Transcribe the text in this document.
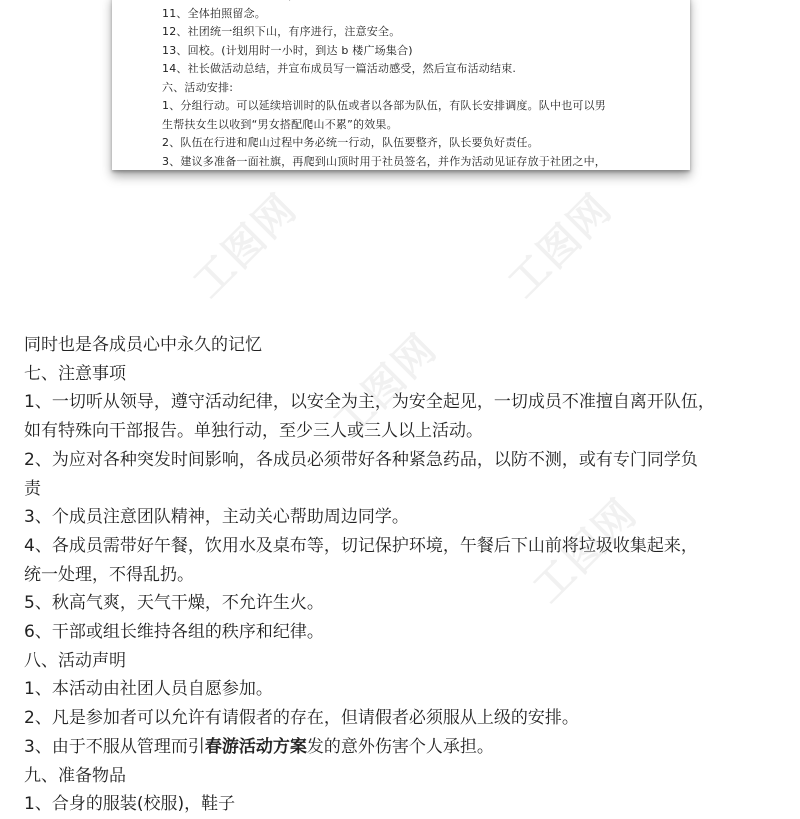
11、全体拍照留念。
12、社团统一组织下山，有序进行，注意安全。
13、回校。(计划用时一小时，到达 b 楼广场集合)
14、社长做活动总结，并宣布成员写一篇活动感受，然后宣布活动结束.
六、活动安排:
1、分组行动。可以延续培训时的队伍或者以各部为队伍，有队长安排调度。队中也可以男
生帮扶女生以收到“男女搭配爬山不累”的效果。
2、队伍在行进和爬山过程中务必统一行动，队伍要整齐，队长要负好责任。
3、建议多准备一面社旗，再爬到山顶时用于社员签名，并作为活动见证存放于社团之中，
工图网	工图网
工图网
工图网
同时也是各成员心中永久的记忆
七、注意事项
1、一切听从领导，遵守活动纪律，以安全为主，为安全起见，一切成员不准擅自离开队伍，
如有特殊向干部报告。单独行动，至少三人或三人以上活动。
2、为应对各种突发时间影响，各成员必须带好各种紧急药品，以防不测，或有专门同学负
责
3、个成员注意团队精神，主动关心帮助周边同学。
4、各成员需带好午餐，饮用水及桌布等，切记保护环境，午餐后下山前将垃圾收集起来，
统一处理，不得乱扔。
5、秋高气爽，天气干燥，不允许生火。
6、干部或组长维持各组的秩序和纪律。
八、活动声明
1、本活动由社团人员自愿参加。
2、凡是参加者可以允许有请假者的存在，但请假者必须服从上级的安排。
3、由于不服从管理而引春游活动方案发的意外伤害个人承担。
九、准备物品
1、合身的服装(校服)，鞋子
